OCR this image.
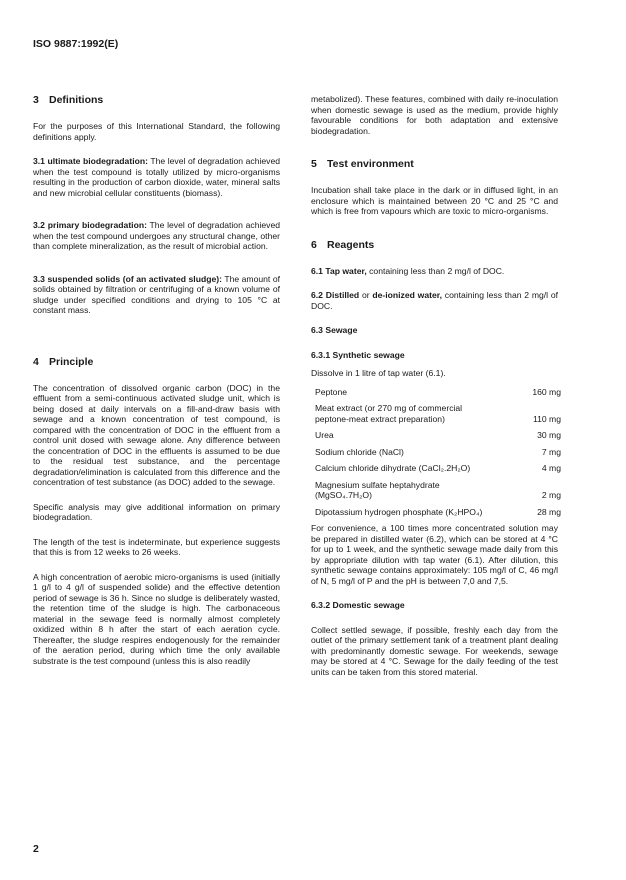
ISO 9887:1992(E)
3 Definitions

For the purposes of this International Standard, the following definitions apply.

3.1 ultimate biodegradation: The level of degradation achieved when the test compound is totally utilized by micro-organisms resulting in the production of carbon dioxide, water, mineral salts and new microbial cellular constituents (biomass).

3.2 primary biodegradation: The level of degradation achieved when the test compound undergoes any structural change, other than complete mineralization, as the result of microbial action.

3.3 suspended solids (of an activated sludge): The amount of solids obtained by filtration or centrifuging of a known volume of sludge under specified conditions and drying to 105 °C at constant mass.

4 Principle

The concentration of dissolved organic carbon (DOC) in the effluent from a semi-continuous activated sludge unit, which is being dosed at daily intervals on a fill-and-draw basis with sewage and a known concentration of test compound, is compared with the concentration of DOC in the effluent from a control unit dosed with sewage alone. Any difference between the concentration of DOC in the effluents is assumed to be due to the residual test substance, and the percentage degradation/elimination is calculated from this difference and the concentration of test substance (as DOC) added to the sewage.

Specific analysis may give additional information on primary biodegradation.

The length of the test is indeterminate, but experience suggests that this is from 12 weeks to 26 weeks.

A high concentration of aerobic micro-organisms is used (initially 1 g/l to 4 g/l of suspended solide) and the effective detention period of sewage is 36 h. Since no sludge is deliberately wasted, the retention time of the sludge is high. The carbonaceous material in the sewage feed is normally almost completely oxidized within 8 h after the start of each aeration cycle. Thereafter, the sludge respires endogenously for the remainder of the aeration period, during which time the only available substrate is the test compound (unless this is also readily

metabolized). These features, combined with daily re-inoculation when domestic sewage is used as the medium, provide highly favourable conditions for both adaptation and extensive biodegradation.

5 Test environment

Incubation shall take place in the dark or in diffused light, in an enclosure which is maintained between 20 °C and 25 °C and which is free from vapours which are toxic to micro-organisms.

6 Reagents

6.1 Tap water, containing less than 2 mg/l of DOC.

6.2 Distilled or de-ionized water, containing less than 2 mg/l of DOC.

6.3 Sewage
6.3.1 Synthetic sewage

Dissolve in 1 litre of tap water (6.1).

Peptone	160 mg
Meat extract (or 270 mg of commercial peptone-meat extract preparation)	110 mg
Urea	30 mg
Sodium chloride (NaCl)	7 mg
Calcium chloride dihydrate (CaCl₂.2H₂O)	4 mg
Magnesium sulfate heptahydrate (MgSO₄.7H₂O)	2 mg
Dipotassium hydrogen phosphate (K₂HPO₄)	28 mg

For convenience, a 100 times more concentrated solution may be prepared in distilled water (6.2), which can be stored at 4 °C for up to 1 week, and the synthetic sewage made daily from this by appropriate dilution with tap water (6.1). After dilution, this synthetic sewage contains approximately: 105 mg/l of C, 46 mg/l of N, 5 mg/l of P and the pH is between 7,0 and 7,5.

6.3.2 Domestic sewage

Collect settled sewage, if possible, freshly each day from the outlet of the primary settlement tank of a treatment plant dealing with predominantly domestic sewage. For weekends, sewage may be stored at 4 °C. Sewage for the daily feeding of the test units can be taken from this stored material.

2
